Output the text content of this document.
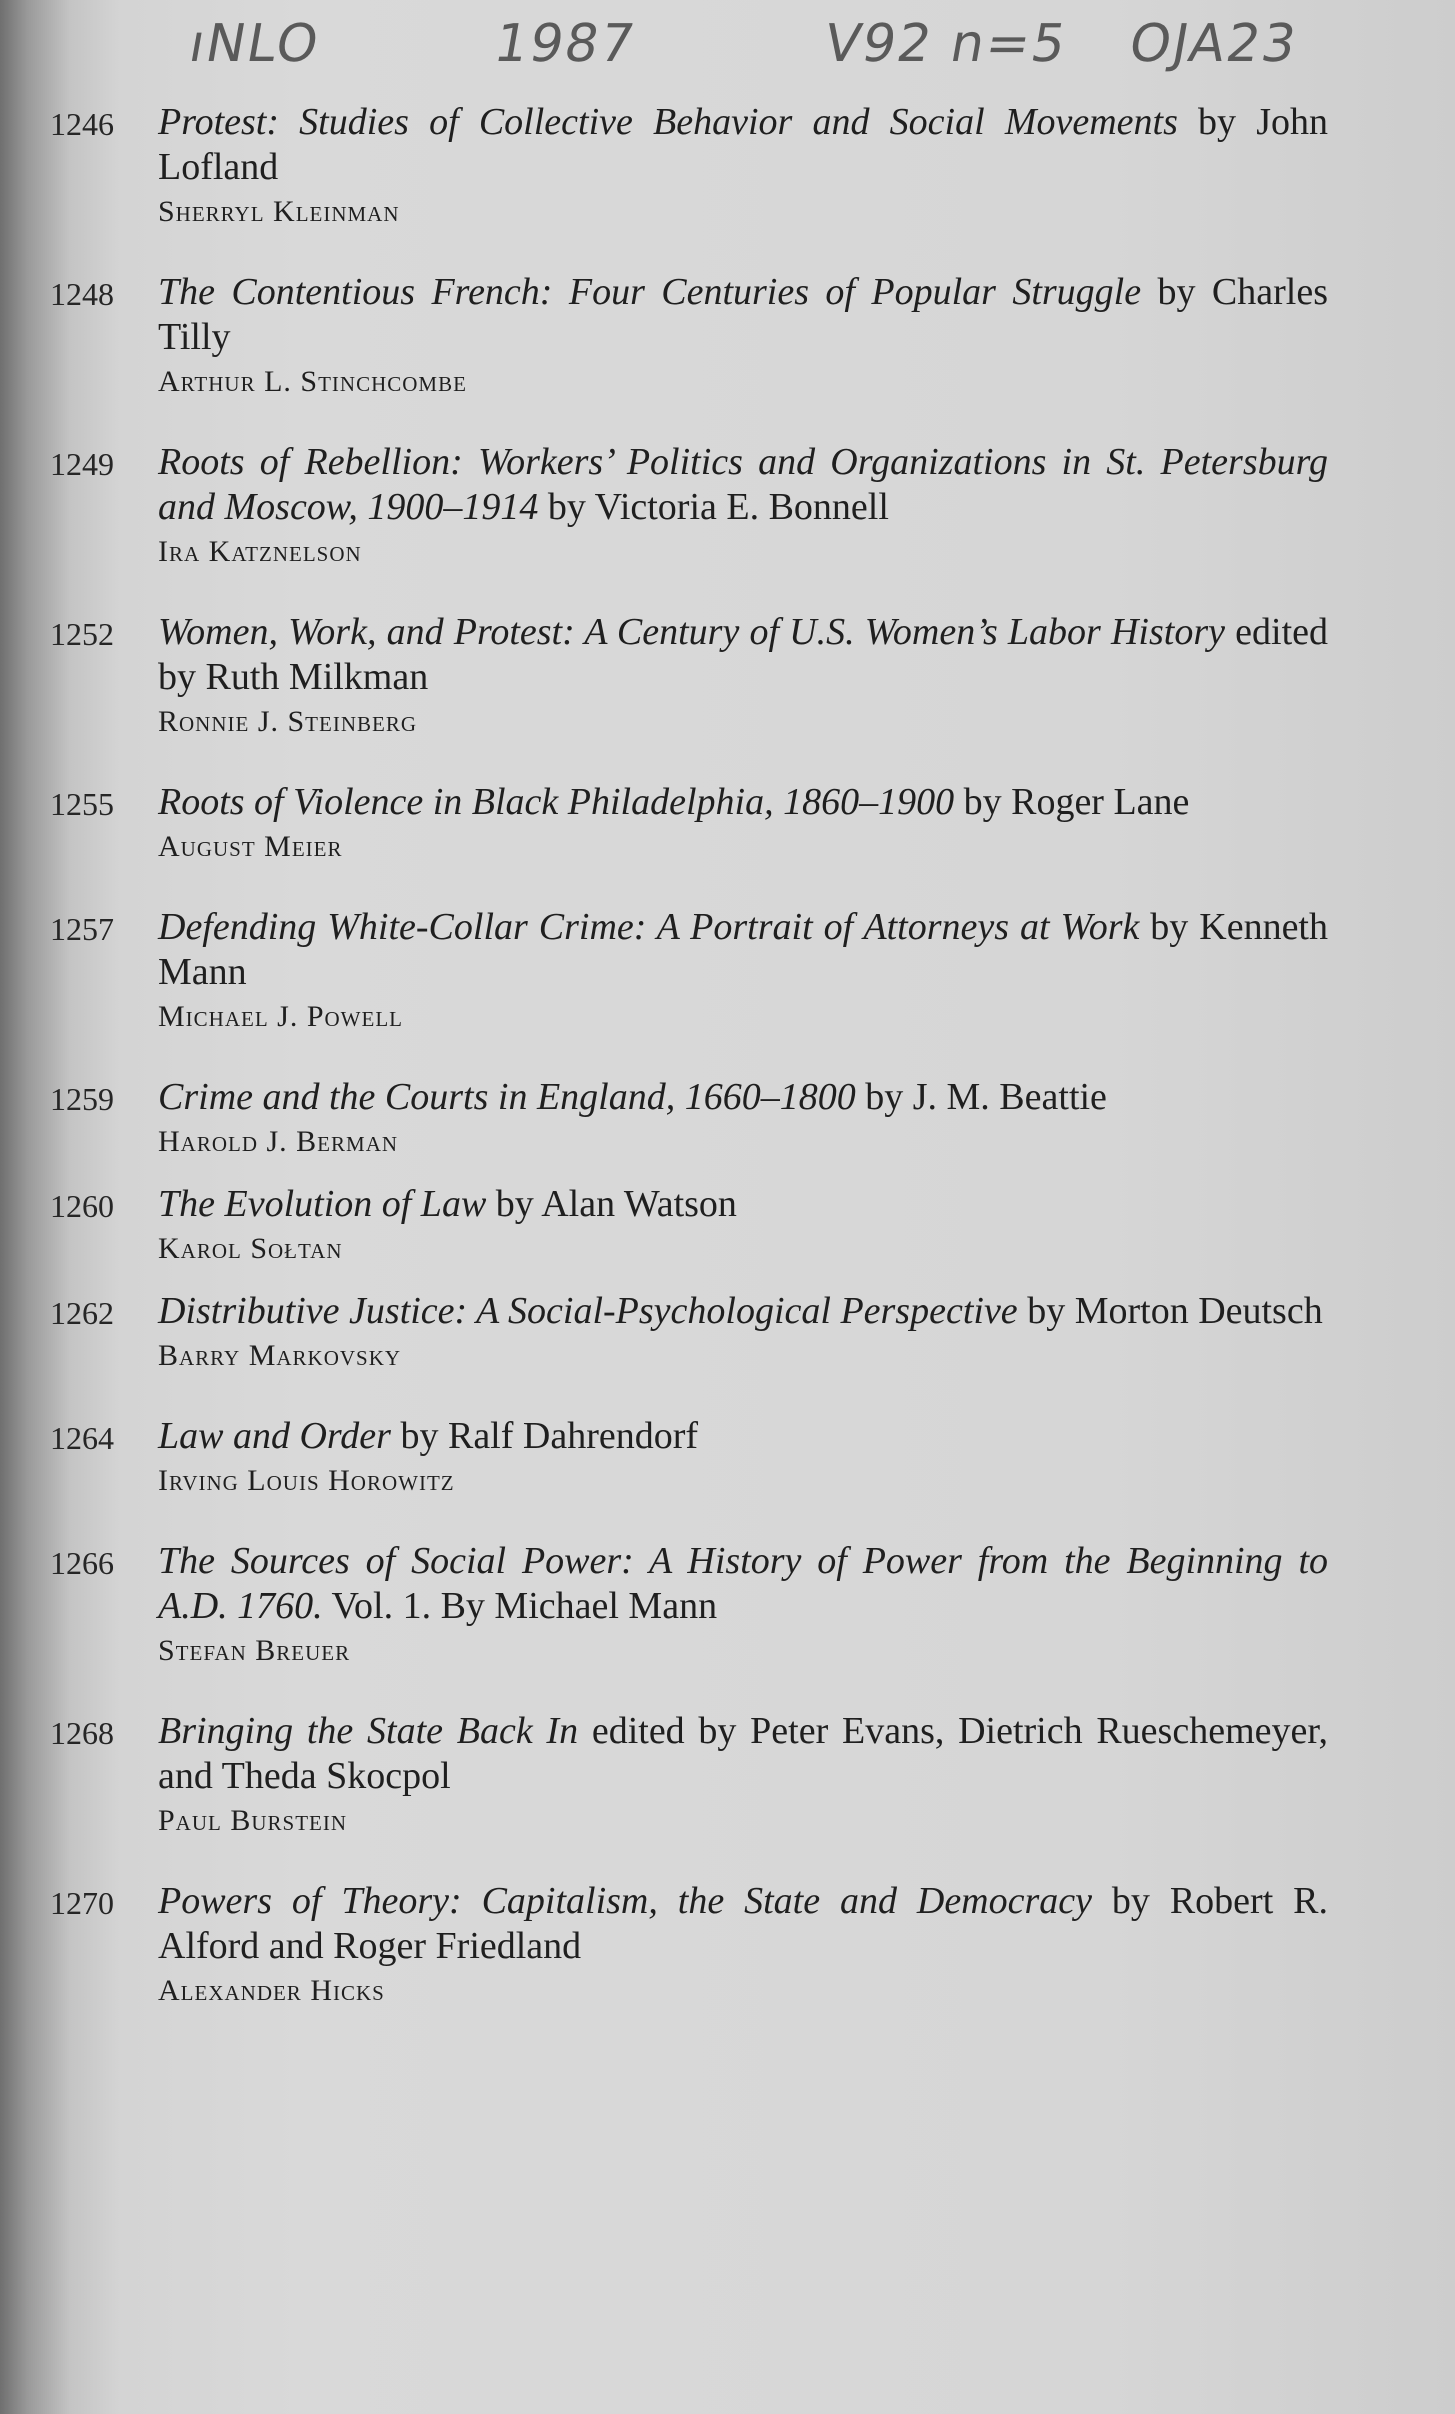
ıNLO	1987	V92 n=5 OJA23
1246 Protest: Studies of Collective Behavior and Social Movements by John Lofland
Sherryl Kleinman
1248 The Contentious French: Four Centuries of Popular Struggle by Charles Tilly
Arthur L. Stinchcombe
1249 Roots of Rebellion: Workers’ Politics and Organizations in St. Petersburg and Moscow, 1900–1914 by Victoria E. Bonnell
Ira Katznelson
1252 Women, Work, and Protest: A Century of U.S. Women’s Labor History edited by Ruth Milkman
Ronnie J. Steinberg
1255 Roots of Violence in Black Philadelphia, 1860–1900 by Roger Lane
August Meier
1257 Defending White-Collar Crime: A Portrait of Attorneys at Work by Kenneth Mann
Michael J. Powell
1259 Crime and the Courts in England, 1660–1800 by J. M. Beattie
Harold J. Berman
1260 The Evolution of Law by Alan Watson
Karol Sołtan
1262 Distributive Justice: A Social-Psychological Perspective by Morton Deutsch
Barry Markovsky
1264 Law and Order by Ralf Dahrendorf
Irving Louis Horowitz
1266 The Sources of Social Power: A History of Power from the Beginning to A.D. 1760. Vol. 1. By Michael Mann
Stefan Breuer
1268 Bringing the State Back In edited by Peter Evans, Dietrich Rueschemeyer, and Theda Skocpol
Paul Burstein
1270 Powers of Theory: Capitalism, the State and Democracy by Robert R. Alford and Roger Friedland
Alexander Hicks
